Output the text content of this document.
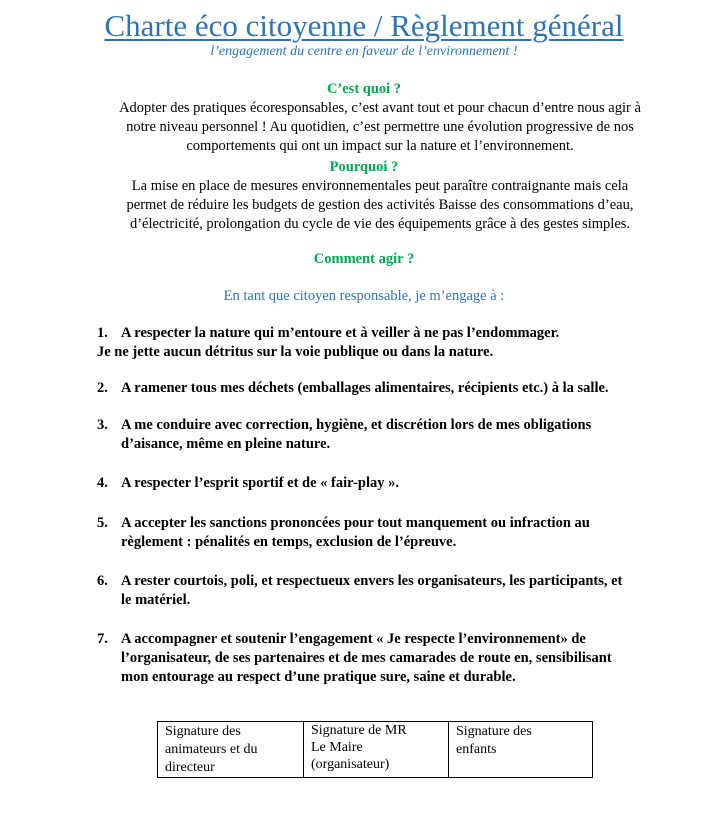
Charte éco citoyenne / Règlement général
l’engagement du centre en faveur de l’environnement !
C’est quoi ?
Adopter des pratiques écoresponsables, c’est avant tout et pour chacun d’entre nous agir à
notre niveau personnel ! Au quotidien, c’est permettre une évolution progressive de nos
comportements qui ont un impact sur la nature et l’environnement.
Pourquoi ?
La mise en place de mesures environnementales peut paraître contraignante mais cela
permet de réduire les budgets de gestion des activités Baisse des consommations d’eau,
d’électricité, prolongation du cycle de vie des équipements grâce à des gestes simples.
Comment agir ?
En tant que citoyen responsable, je m’engage à :
1. A respecter la nature qui m’entoure et à veiller à ne pas l’endommager.
Je ne jette aucun détritus sur la voie publique ou dans la nature.
2. A ramener tous mes déchets (emballages alimentaires, récipients etc.) à la salle.
3. A me conduire avec correction, hygiène, et discrétion lors de mes obligations
d’aisance, même en pleine nature.
4. A respecter l’esprit sportif et de « fair-play ».
5. A accepter les sanctions prononcées pour tout manquement ou infraction au
règlement : pénalités en temps, exclusion de l’épreuve.
6. A rester courtois, poli, et respectueux envers les organisateurs, les participants, et
le matériel.
7. A accompagner et soutenir l’engagement « Je respecte l’environnement» de
l’organisateur, de ses partenaires et de mes camarades de route en, sensibilisant
mon entourage au respect d’une pratique sure, saine et durable.
Signature des
animateurs et du
directeur

Signature de MR
Le Maire
(organisateur)

Signature des
enfants
